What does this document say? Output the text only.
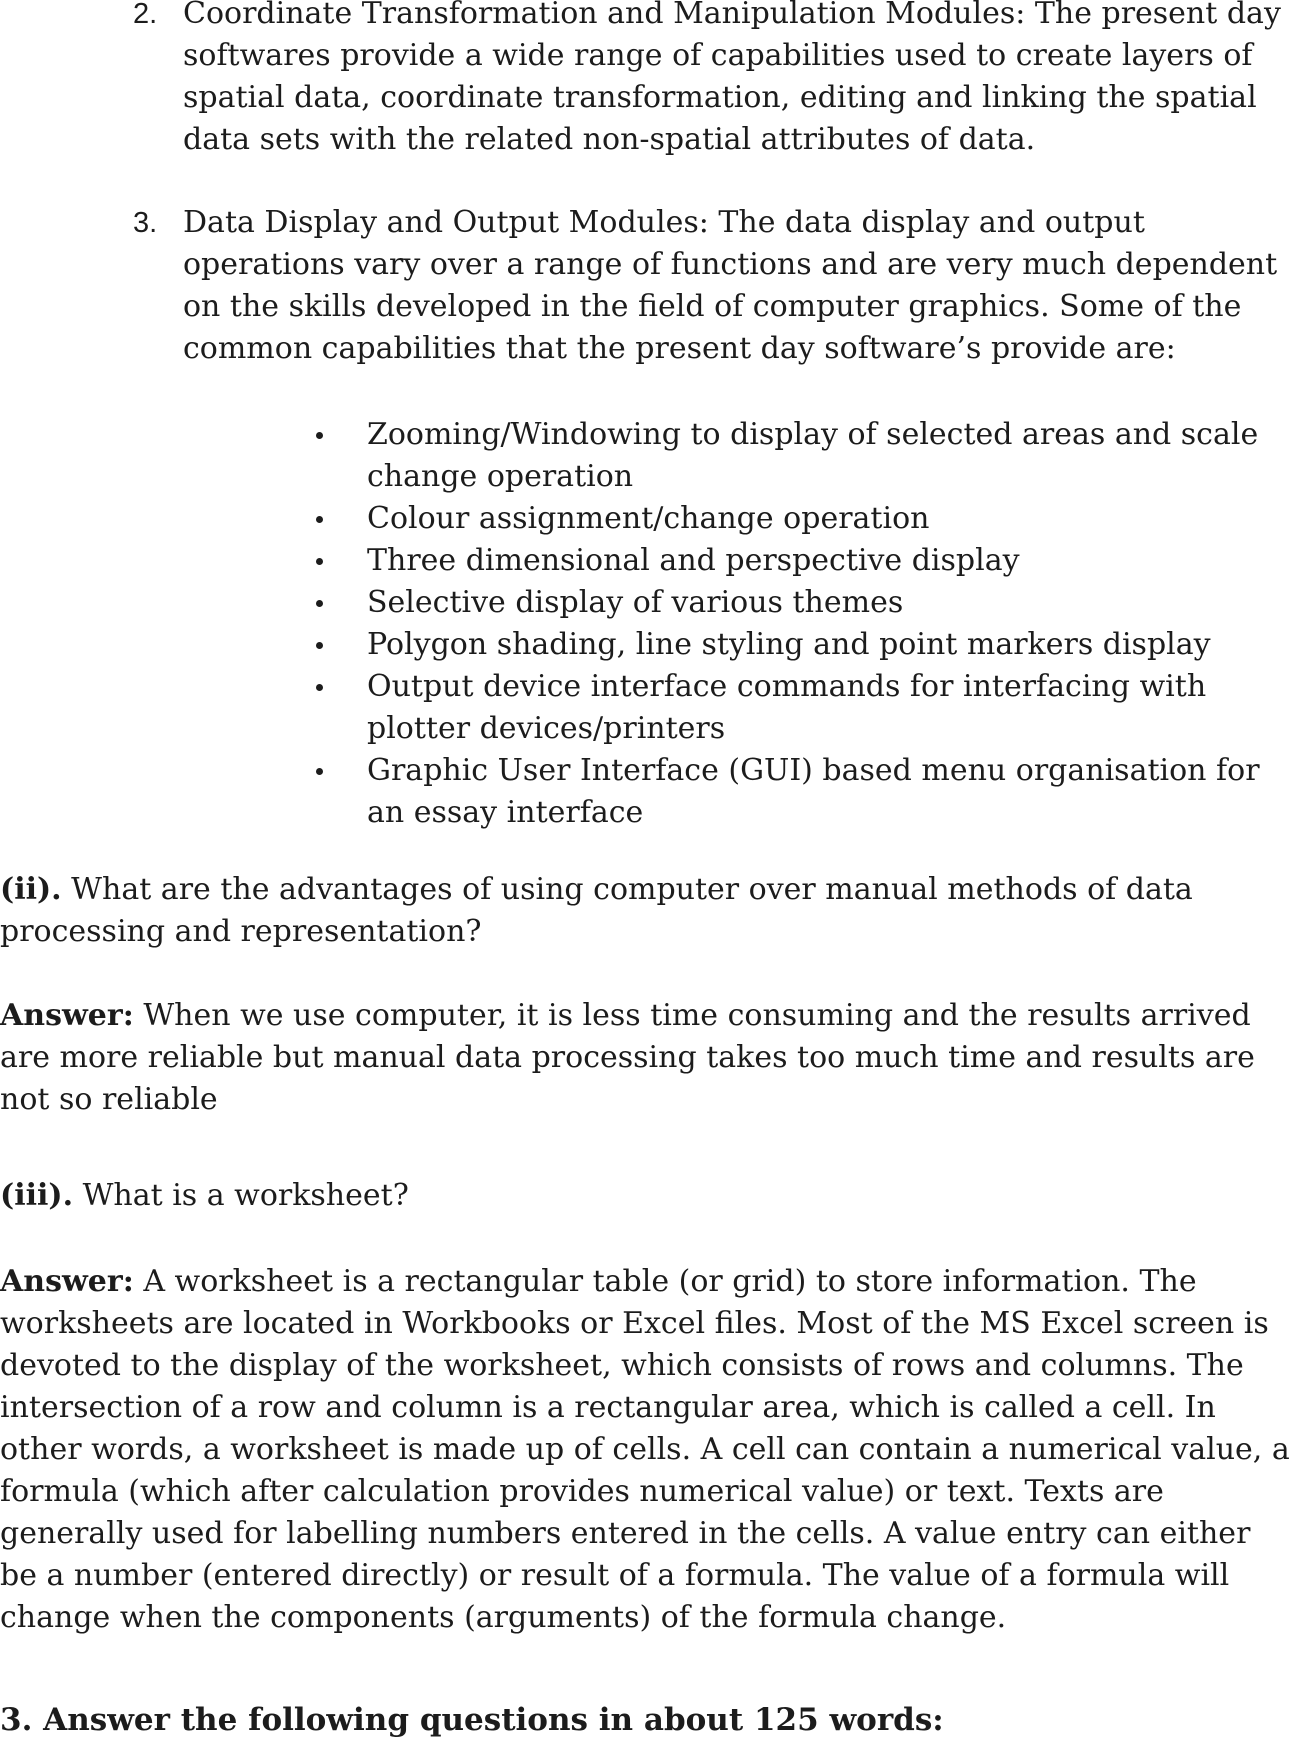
2. Coordinate Transformation and Manipulation Modules: The present day softwares provide a wide range of capabilities used to create layers of spatial data, coordinate transformation, editing and linking the spatial data sets with the related non-spatial attributes of data.
3. Data Display and Output Modules: The data display and output operations vary over a range of functions and are very much dependent on the skills developed in the field of computer graphics. Some of the common capabilities that the present day software’s provide are:
Zooming/Windowing to display of selected areas and scale change operation
Colour assignment/change operation
Three dimensional and perspective display
Selective display of various themes
Polygon shading, line styling and point markers display
Output device interface commands for interfacing with plotter devices/printers
Graphic User Interface (GUI) based menu organisation for an essay interface
(ii). What are the advantages of using computer over manual methods of data processing and representation?
Answer: When we use computer, it is less time consuming and the results arrived are more reliable but manual data processing takes too much time and results are not so reliable
(iii). What is a worksheet?
Answer: A worksheet is a rectangular table (or grid) to store information. The worksheets are located in Workbooks or Excel files. Most of the MS Excel screen is devoted to the display of the worksheet, which consists of rows and columns. The intersection of a row and column is a rectangular area, which is called a cell. In other words, a worksheet is made up of cells. A cell can contain a numerical value, a formula (which after calculation provides numerical value) or text. Texts are generally used for labelling numbers entered in the cells. A value entry can either be a number (entered directly) or result of a formula. The value of a formula will change when the components (arguments) of the formula change.
3. Answer the following questions in about 125 words:
